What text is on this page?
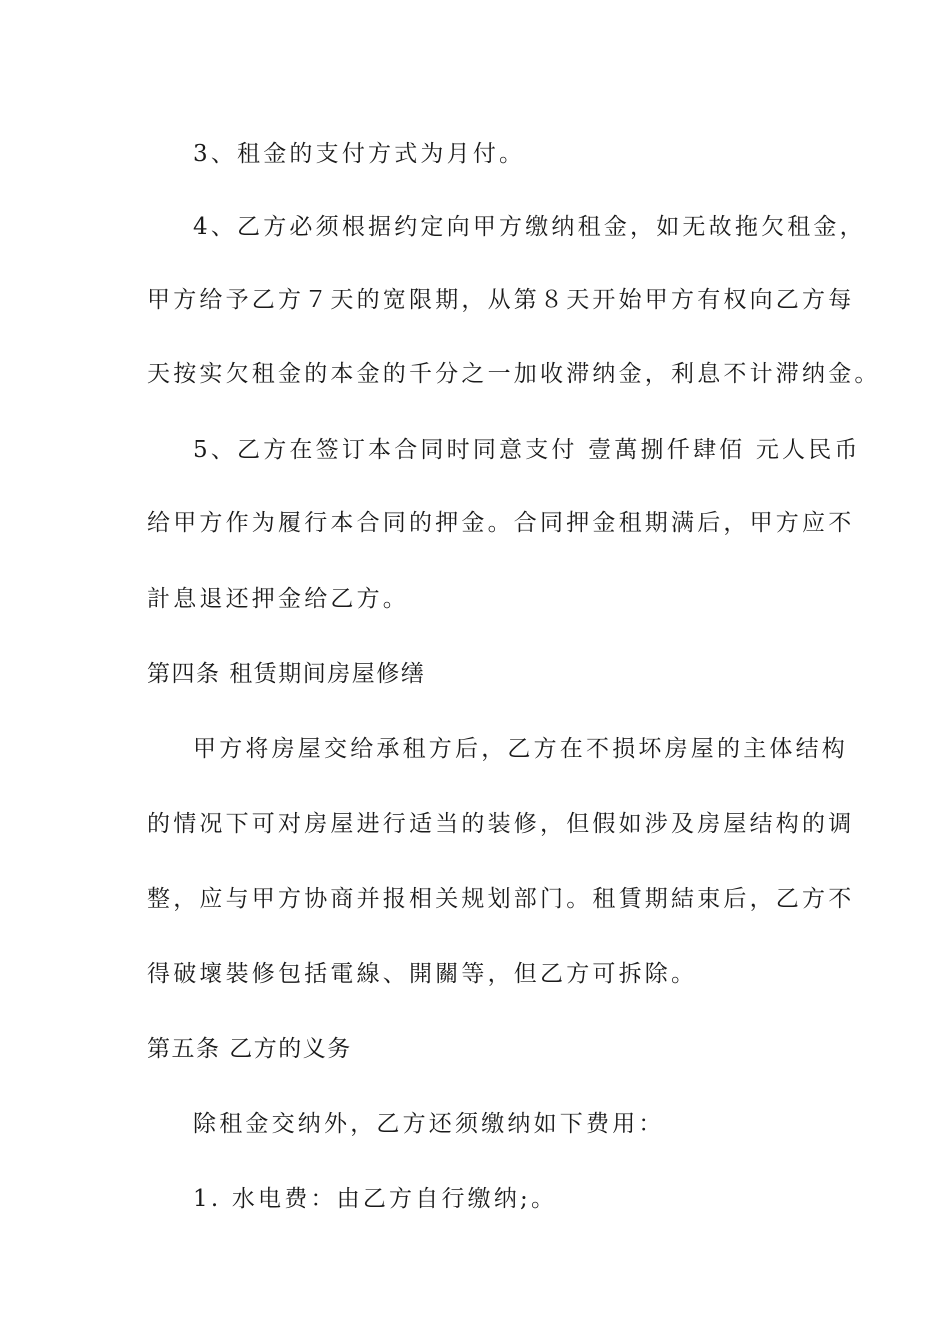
3、租金的支付方式为月付。
4、乙方必须根据约定向甲方缴纳租金，如无故拖欠租金，
甲方给予乙方７天的宽限期，从第８天开始甲方有权向乙方每
天按实欠租金的本金的千分之一加收滞纳金，利息不计滞纳金。
5、乙方在签订本合同时同意支付 壹萬捌仟肆佰 元人民币
给甲方作为履行本合同的押金。合同押金租期满后，甲方应不
計息退还押金给乙方。
第四条 租赁期间房屋修缮
甲方将房屋交给承租方后，乙方在不损坏房屋的主体结构
的情况下可对房屋进行适当的装修，但假如涉及房屋结构的调
整，应与甲方协商并报相关规划部门。租賃期結束后，乙方不
得破壞裝修包括電線、開關等，但乙方可拆除。
第五条 乙方的义务
除租金交纳外，乙方还须缴纳如下费用：
1. 水电费：由乙方自行缴纳;。
